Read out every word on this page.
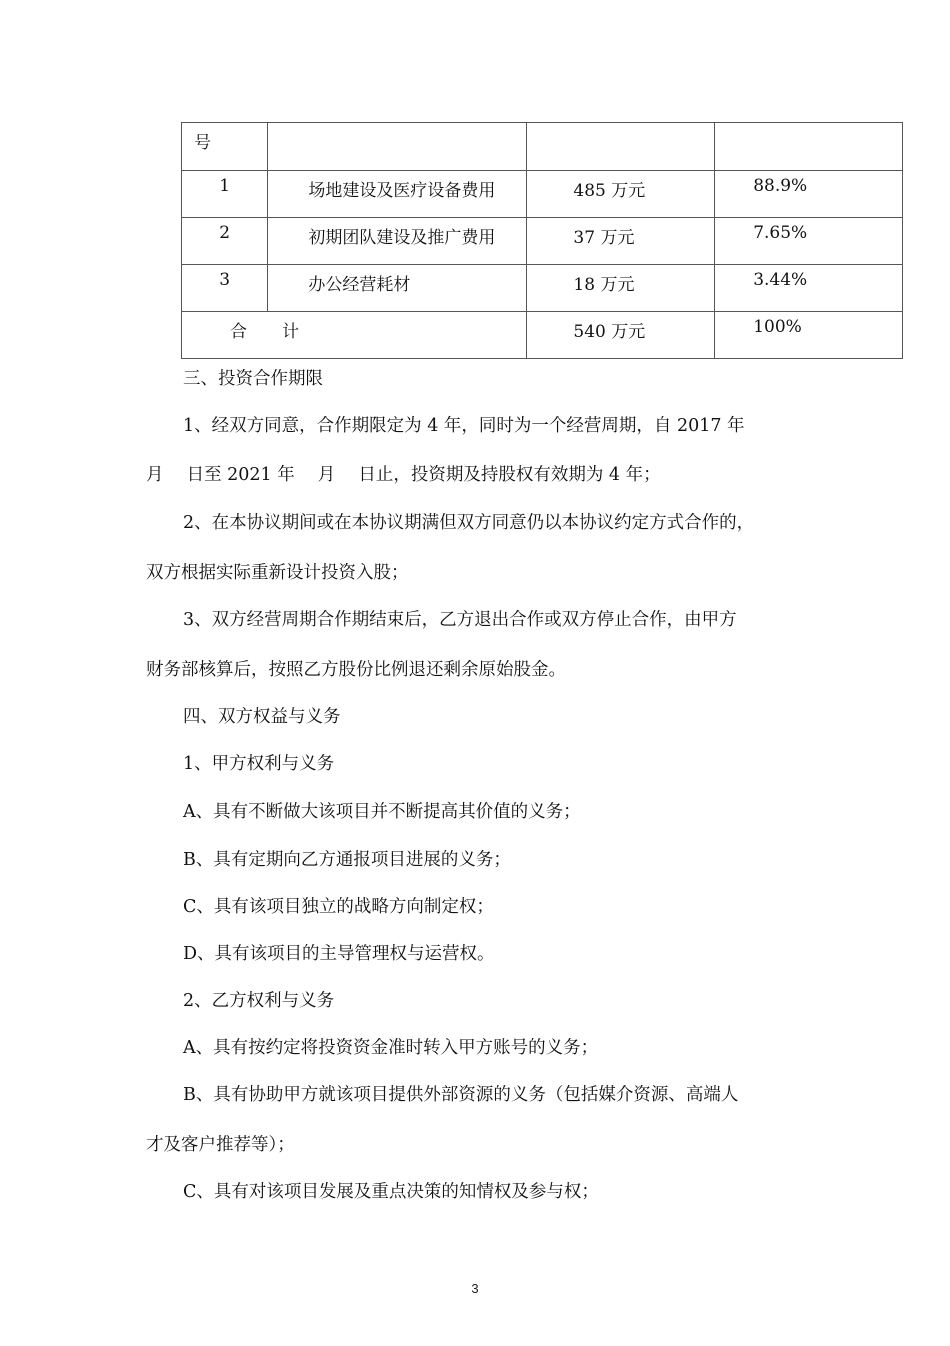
号			

1	场地建设及医疗设备费用	485 万元	88.9%

2	初期团队建设及推广费用	37 万元	7.65%

3	办公经营耗材	18 万元	3.44%

合 计		540 万元	100%
三、投资合作期限
1、经双方同意，合作期限定为 4 年，同时为一个经营周期，自 2017 年
月　 日至 2021 年　 月　 日止，投资期及持股权有效期为 4 年；
2、在本协议期间或在本协议期满但双方同意仍以本协议约定方式合作的，
双方根据实际重新设计投资入股；
3、双方经营周期合作期结束后，乙方退出合作或双方停止合作，由甲方
财务部核算后，按照乙方股份比例退还剩余原始股金。
四、双方权益与义务
1、甲方权利与义务
A、具有不断做大该项目并不断提高其价值的义务；
B、具有定期向乙方通报项目进展的义务；
C、具有该项目独立的战略方向制定权；
D、具有该项目的主导管理权与运营权。
2、乙方权利与义务
A、具有按约定将投资资金准时转入甲方账号的义务；
B、具有协助甲方就该项目提供外部资源的义务（包括媒介资源、高端人
才及客户推荐等）；
C、具有对该项目发展及重点决策的知情权及参与权；
3
